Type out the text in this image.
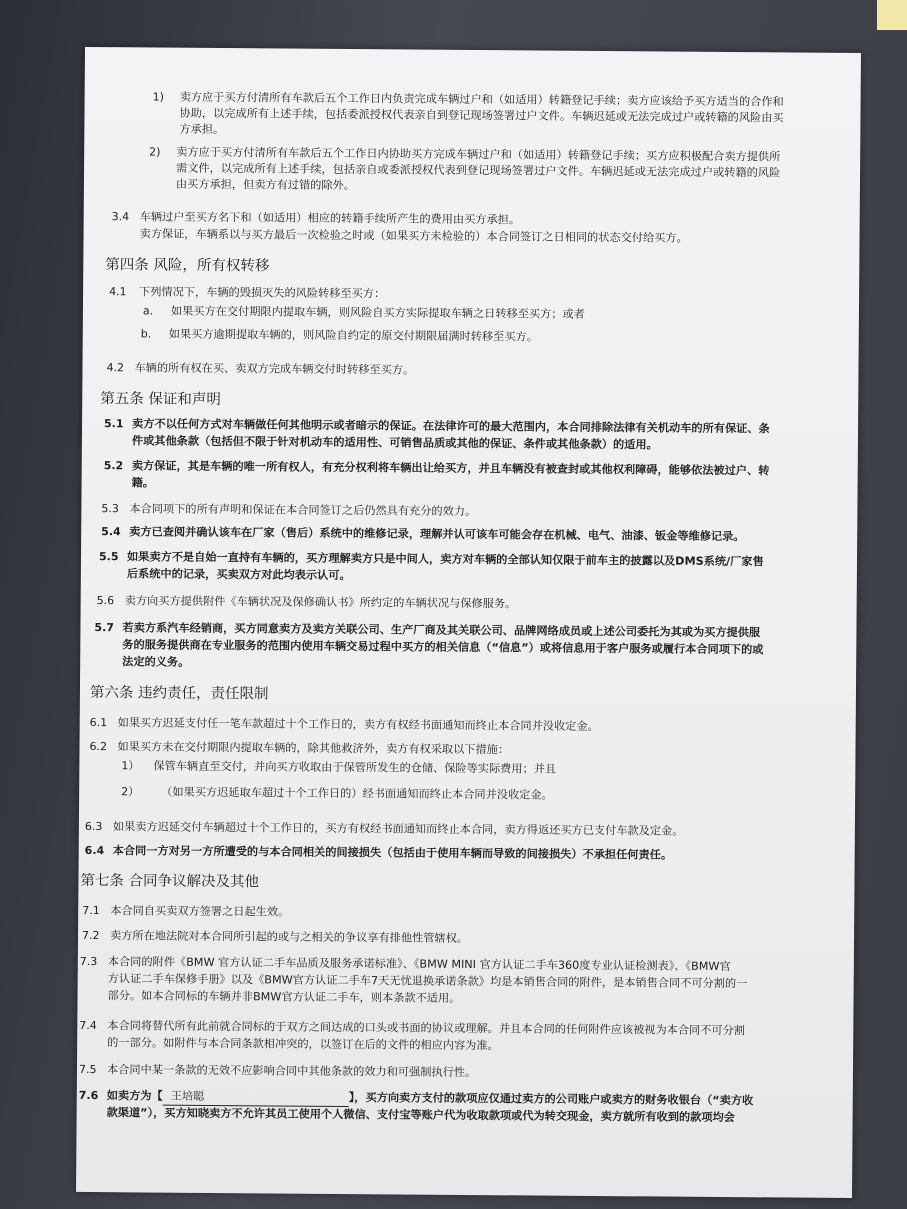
1) 卖方应于买方付清所有车款后五个工作日内负责完成车辆过户和（如适用）转籍登记手续；卖方应该给予买方适当的合作和
协助，以完成所有上述手续，包括委派授权代表亲自到登记现场签署过户文件。车辆迟延或无法完成过户或转籍的风险由买
方承担。
2) 卖方应于买方付清所有车款后五个工作日内协助买方完成车辆过户和（如适用）转籍登记手续；买方应积极配合卖方提供所
需文件，以完成所有上述手续，包括亲自或委派授权代表到登记现场签署过户文件。车辆迟延或无法完成过户或转籍的风险
由买方承担，但卖方有过错的除外。
3.4 车辆过户至买方名下和（如适用）相应的转籍手续所产生的费用由买方承担。
卖方保证，车辆系以与买方最后一次检验之时或（如果买方未检验的）本合同签订之日相同的状态交付给买方。
第四条 风险，所有权转移
4.1 下列情况下，车辆的毁损灭失的风险转移至买方：
a. 如果买方在交付期限内提取车辆，则风险自买方实际提取车辆之日转移至买方；或者
b. 如果买方逾期提取车辆的，则风险自约定的原交付期限届满时转移至买方。
4.2 车辆的所有权在买、卖双方完成车辆交付时转移至买方。
第五条 保证和声明
5.1 卖方不以任何方式对车辆做任何其他明示或者暗示的保证。在法律许可的最大范围内，本合同排除法律有关机动车的所有保证、条
件或其他条款（包括但不限于针对机动车的适用性、可销售品质或其他的保证、条件或其他条款）的适用。
5.2 卖方保证，其是车辆的唯一所有权人，有充分权利将车辆出让给买方，并且车辆没有被查封或其他权利障碍，能够依法被过户、转
籍。
5.3 本合同项下的所有声明和保证在本合同签订之后仍然具有充分的效力。
5.4 卖方已查阅并确认该车在厂家（售后）系统中的维修记录，理解并认可该车可能会存在机械、电气、油漆、钣金等维修记录。
5.5 如果卖方不是自始一直持有车辆的，买方理解卖方只是中间人，卖方对车辆的全部认知仅限于前车主的披露以及DMS系统/厂家售
后系统中的记录，买卖双方对此均表示认可。
5.6 卖方向买方提供附件《车辆状况及保修确认书》所约定的车辆状况与保修服务。
5.7 若卖方系汽车经销商，买方同意卖方及卖方关联公司、生产厂商及其关联公司、品牌网络成员或上述公司委托为其或为买方提供服
务的服务提供商在专业服务的范围内使用车辆交易过程中买方的相关信息（“信息”）或将信息用于客户服务或履行本合同项下的或
法定的义务。
第六条 违约责任，责任限制
6.1 如果买方迟延支付任一笔车款超过十个工作日的，卖方有权经书面通知而终止本合同并没收定金。
6.2 如果买方未在交付期限内提取车辆的，除其他救济外，卖方有权采取以下措施：
1） 保管车辆直至交付，并向买方收取由于保管所发生的仓储、保险等实际费用；并且
2） （如果买方迟延取车超过十个工作日的）经书面通知而终止本合同并没收定金。
6.3 如果卖方迟延交付车辆超过十个工作日的，买方有权经书面通知而终止本合同，卖方得返还买方已支付车款及定金。
6.4 本合同一方对另一方所遭受的与本合同相关的间接损失（包括由于使用车辆而导致的间接损失）不承担任何责任。
第七条 合同争议解决及其他
7.1 本合同自买卖双方签署之日起生效。
7.2 卖方所在地法院对本合同所引起的或与之相关的争议享有排他性管辖权。
7.3 本合同的附件《BMW 官方认证二手车品质及服务承诺标准》、《BMW MINI 官方认证二手车360度专业认证检测表》、《BMW官
方认证二手车保修手册》以及《BMW官方认证二手车7天无忧退换承诺条款》均是本销售合同的附件，是本销售合同不可分割的一
部分。如本合同标的车辆并非BMW官方认证二手车，则本条款不适用。
7.4 本合同将替代所有此前就合同标的于双方之间达成的口头或书面的协议或理解。并且本合同的任何附件应该被视为本合同不可分割
的一部分。如附件与本合同条款相冲突的，以签订在后的文件的相应内容为准。
7.5 本合同中某一条款的无效不应影响合同中其他条款的效力和可强制执行性。
7.6 如卖方为【 王培聪	】，买方向卖方支付的款项应仅通过卖方的公司账户或卖方的财务收银台（“卖方收
款渠道”），买方知晓卖方不允许其员工使用个人微信、支付宝等账户代为收取款项或代为转交现金，卖方就所有收到的款项均会
